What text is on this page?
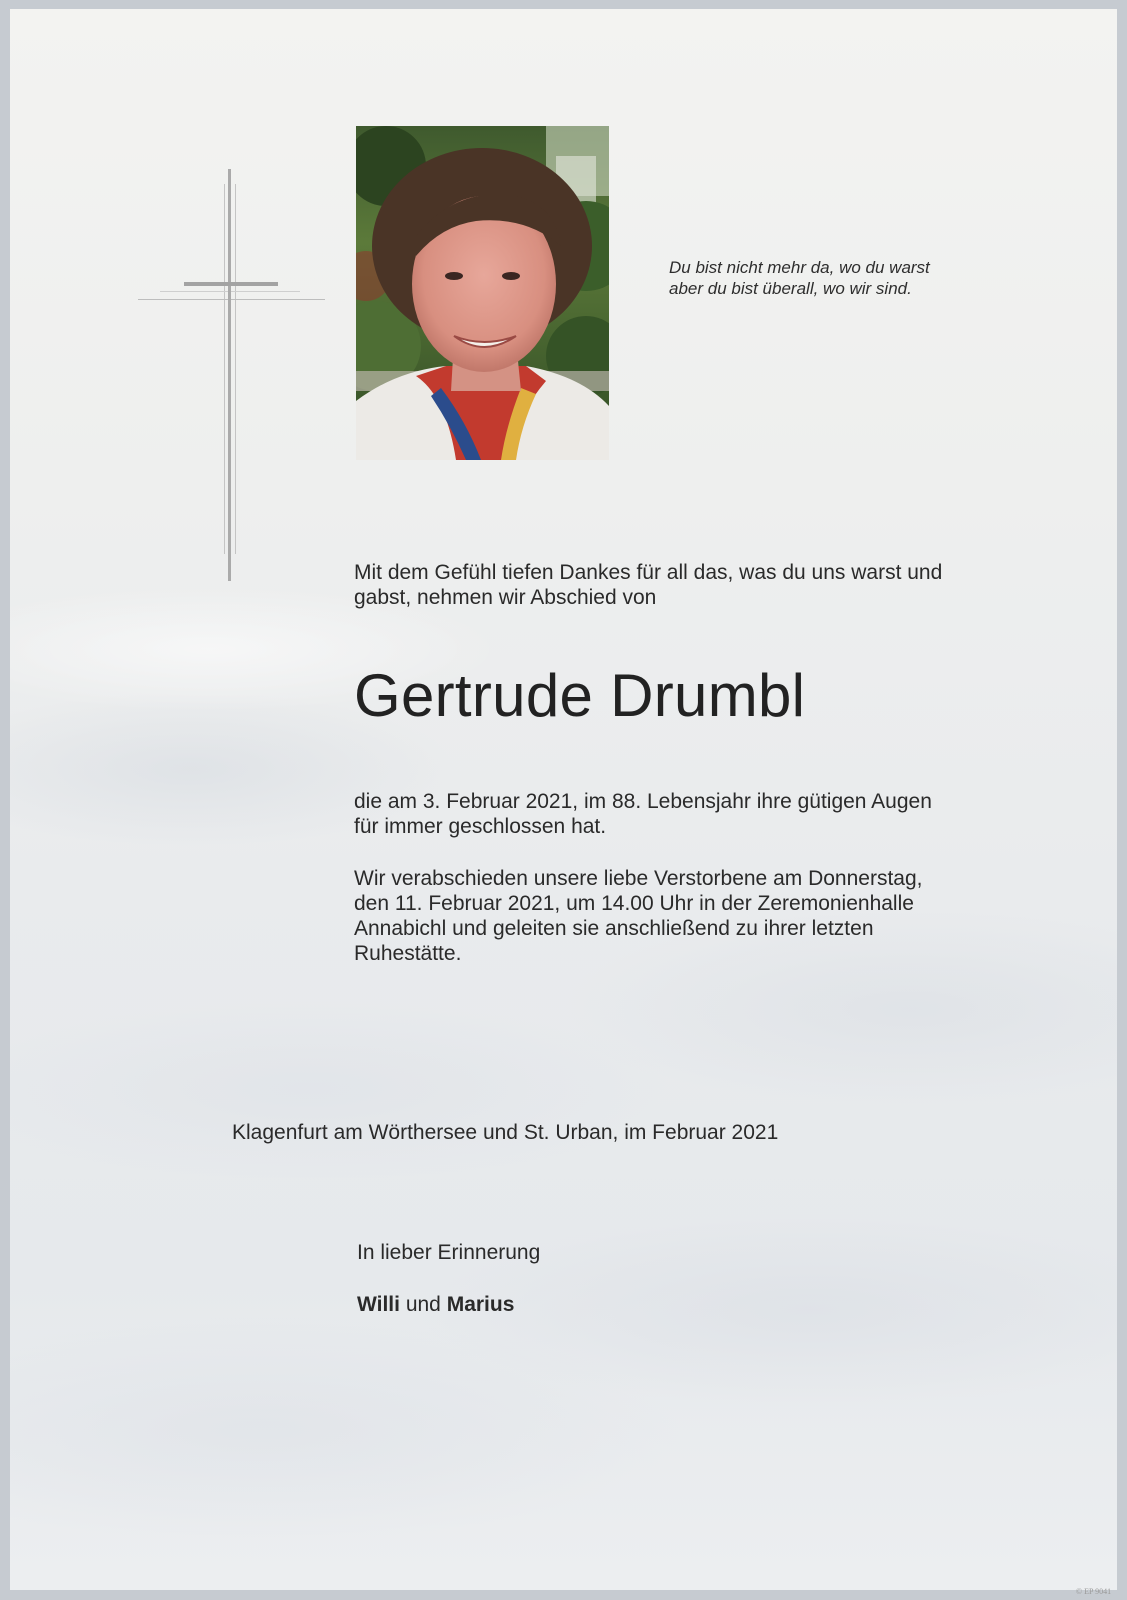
Du bist nicht mehr da, wo du warst
aber du bist überall, wo wir sind.
Mit dem Gefühl tiefen Dankes für all das, was du uns warst und
gabst, nehmen wir Abschied von
Gertrude Drumbl
die am 3. Februar 2021, im 88. Lebensjahr ihre gütigen Augen
für immer geschlossen hat.
Wir verabschieden unsere liebe Verstorbene am Donnerstag,
den 11. Februar 2021, um 14.00 Uhr in der Zeremonienhalle
Annabichl und geleiten sie anschließend zu ihrer letzten
Ruhestätte.
Klagenfurt am Wörthersee und St. Urban, im Februar 2021
In lieber Erinnerung
Willi und Marius
© EP 9041
